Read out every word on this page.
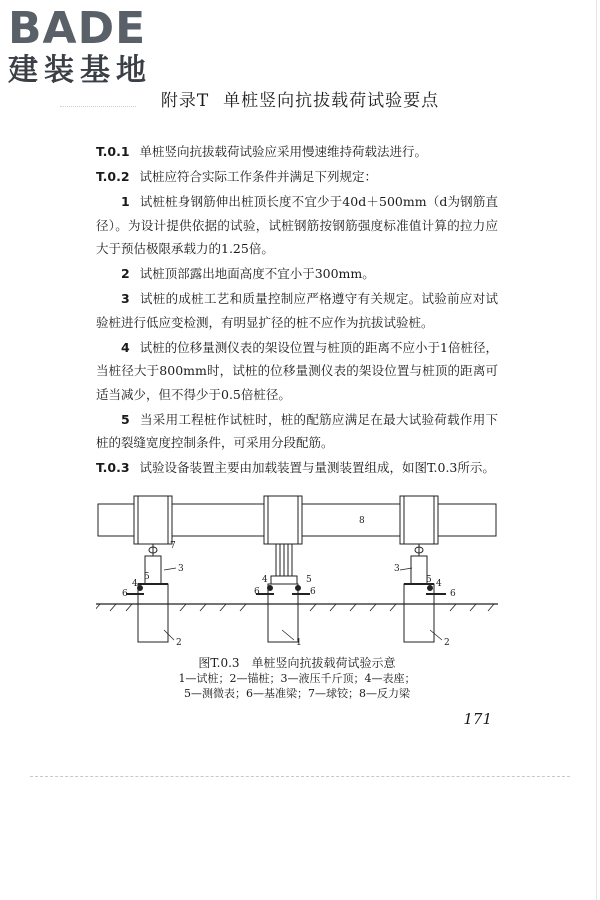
BADE
建装基地
附录T 单桩竖向抗拔载荷试验要点

T.0.1 单桩竖向抗拔载荷试验应采用慢速维持荷载法进行。

T.0.2 试桩应符合实际工作条件并满足下列规定：

1 试桩桩身钢筋伸出桩顶长度不宜少于40d＋500mm（d为钢筋直径）。为设计提供依据的试验，试桩钢筋按钢筋强度标准值计算的拉力应大于预估极限承载力的1.25倍。

2 试桩顶部露出地面高度不宜小于300mm。

3 试桩的成桩工艺和质量控制应严格遵守有关规定。试验前应对试验桩进行低应变检测，有明显扩径的桩不应作为抗拔试验桩。

4 试桩的位移量测仪表的架设位置与桩顶的距离不应小于1倍桩径，当桩径大于800mm时，试桩的位移量测仪表的架设位置与桩顶的距离可适当减少，但不得少于0.5倍桩径。

5 当采用工程桩作试桩时，桩的配筋应满足在最大试验荷载作用下桩的裂缝宽度控制条件，可采用分段配筋。

T.0.3 试验设备装置主要由加载装置与量测装置组成，如图T.0.3所示。

8
7
3	3
4
5
6
4
6
5
6
5 4
6
2	1	2
图T.0.3　单桩竖向抗拔载荷试验示意
1—试桩；2—锚桩；3—液压千斤顶；4—表座；
5—测微表；6—基准梁；7—球铰；8—反力梁
171
